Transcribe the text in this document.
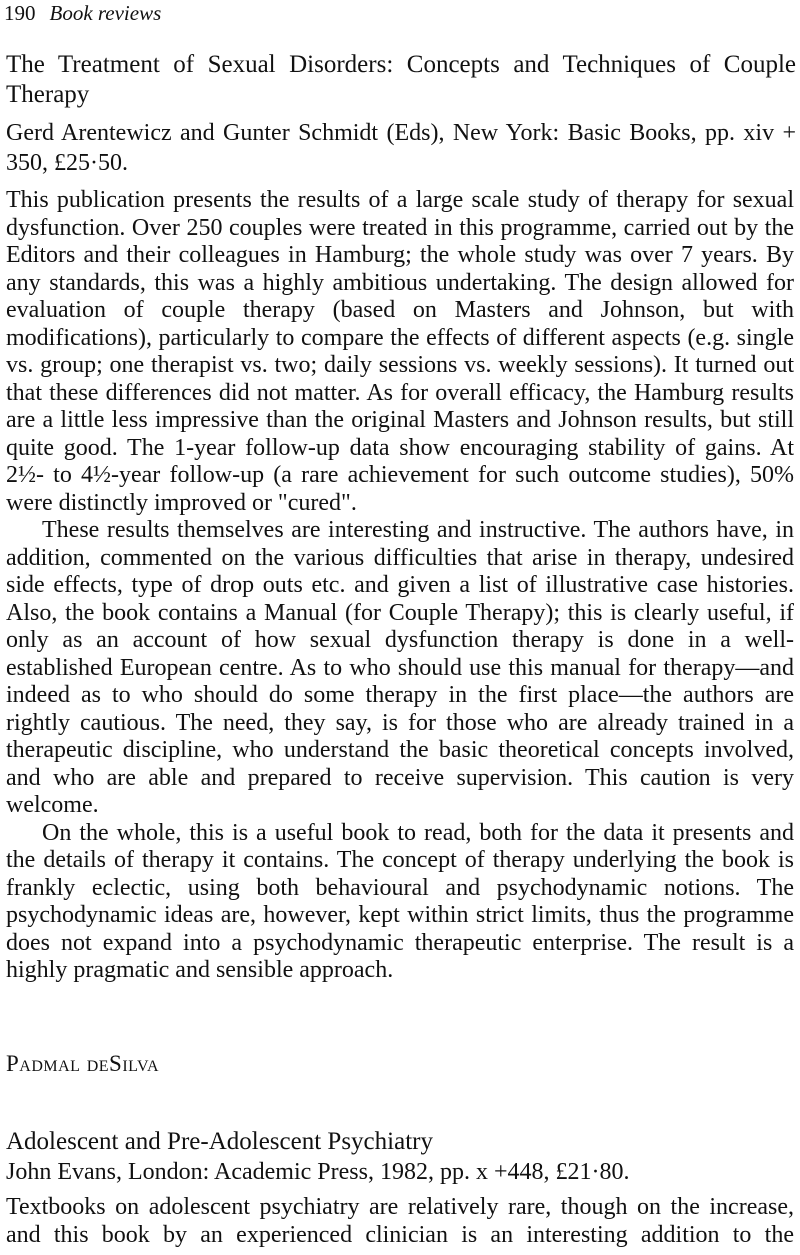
190 Book reviews
The Treatment of Sexual Disorders: Concepts and Techniques of Couple Therapy
Gerd Arentewicz and Gunter Schmidt (Eds), New York: Basic Books, pp. xiv + 350, £25·50.

This publication presents the results of a large scale study of therapy for sexual dysfunction. Over 250 couples were treated in this programme, carried out by the Editors and their colleagues in Hamburg; the whole study was over 7 years. By any standards, this was a highly ambitious undertaking. The design allowed for evaluation of couple therapy (based on Masters and Johnson, but with modifications), particularly to compare the effects of different aspects (e.g. single vs. group; one therapist vs. two; daily sessions vs. weekly sessions). It turned out that these differences did not matter. As for overall efficacy, the Hamburg results are a little less impressive than the original Masters and Johnson results, but still quite good. The 1-year follow-up data show encouraging stability of gains. At 2½- to 4½-year follow-up (a rare achievement for such outcome studies), 50% were distinctly improved or "cured".

These results themselves are interesting and instructive. The authors have, in addition, commented on the various difficulties that arise in therapy, undesired side effects, type of drop outs etc. and given a list of illustrative case histories. Also, the book contains a Manual (for Couple Therapy); this is clearly useful, if only as an account of how sexual dysfunction therapy is done in a well-established European centre. As to who should use this manual for therapy—and indeed as to who should do some therapy in the first place—the authors are rightly cautious. The need, they say, is for those who are already trained in a therapeutic discipline, who understand the basic theoretical concepts involved, and who are able and prepared to receive supervision. This caution is very welcome.

On the whole, this is a useful book to read, both for the data it presents and the details of therapy it contains. The concept of therapy underlying the book is frankly eclectic, using both behavioural and psychodynamic notions. The psychodynamic ideas are, however, kept within strict limits, thus the programme does not expand into a psychodynamic therapeutic enterprise. The result is a highly pragmatic and sensible approach.

Padmal deSilva
Adolescent and Pre-Adolescent Psychiatry
John Evans, London: Academic Press, 1982, pp. x +448, £21·80.

Textbooks on adolescent psychiatry are relatively rare, though on the increase, and this book by an experienced clinician is an interesting addition to the
